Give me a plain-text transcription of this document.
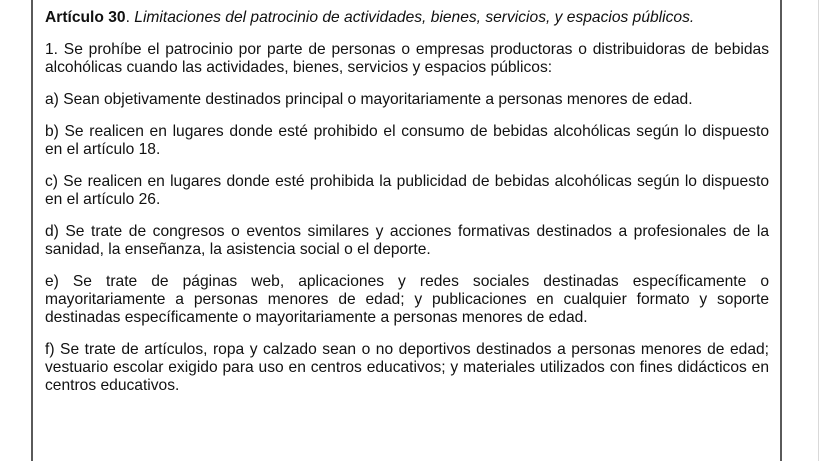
Artículo 30. Limitaciones del patrocinio de actividades, bienes, servicios, y espacios públicos.

1. Se prohíbe el patrocinio por parte de personas o empresas productoras o distribuidoras de bebidas alcohólicas cuando las actividades, bienes, servicios y espacios públicos:

a) Sean objetivamente destinados principal o mayoritariamente a personas menores de edad.

b) Se realicen en lugares donde esté prohibido el consumo de bebidas alcohólicas según lo dispuesto en el artículo 18.

c) Se realicen en lugares donde esté prohibida la publicidad de bebidas alcohólicas según lo dispuesto en el artículo 26.

d) Se trate de congresos o eventos similares y acciones formativas destinados a profesionales de la sanidad, la enseñanza, la asistencia social o el deporte.

e) Se trate de páginas web, aplicaciones y redes sociales destinadas específicamente o mayoritariamente a personas menores de edad; y publicaciones en cualquier formato y soporte destinadas específicamente o mayoritariamente a personas menores de edad.

f) Se trate de artículos, ropa y calzado sean o no deportivos destinados a personas menores de edad; vestuario escolar exigido para uso en centros educativos; y materiales utilizados con fines didácticos en centros educativos.
